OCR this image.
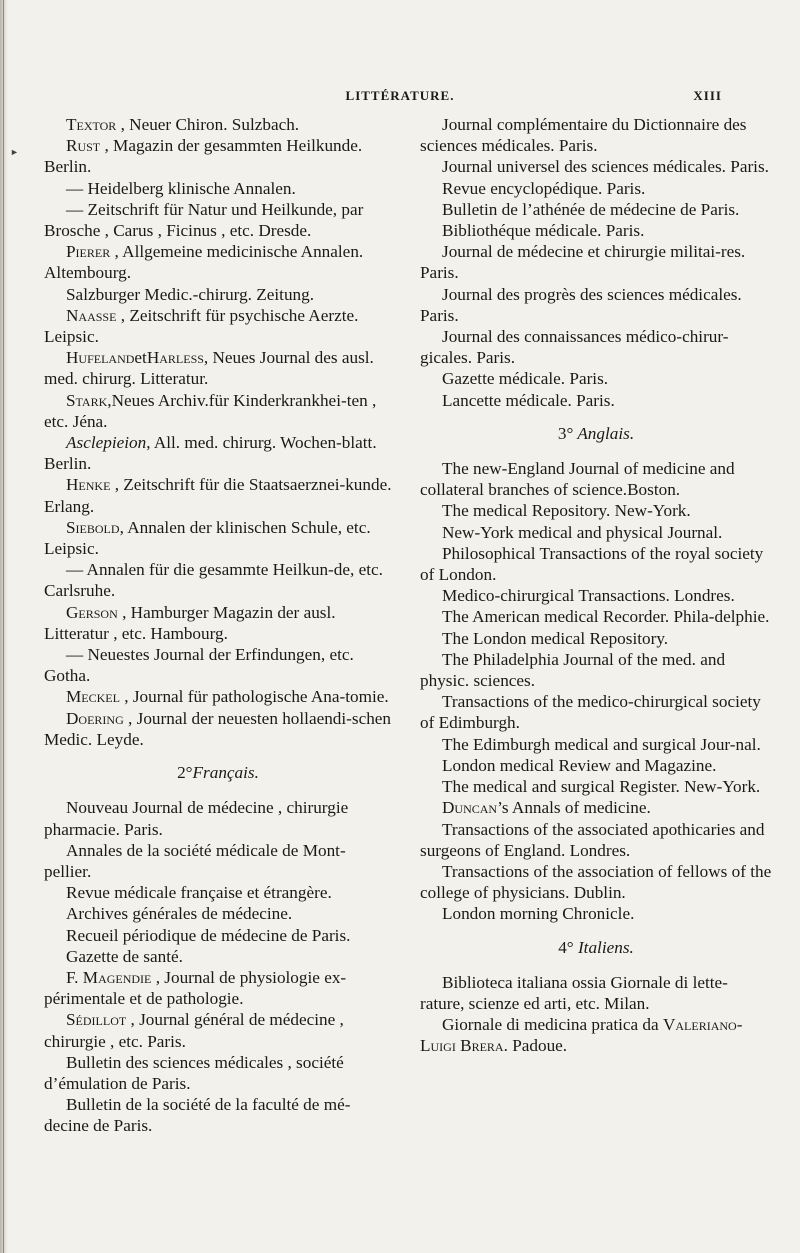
►
LITTÉRATURE.	XIII

Textor , Neuer Chiron. Sulzbach.

Rust , Magazin der gesammten Heilkunde. Berlin.

— Heidelberg klinische Annalen.

— Zeitschrift für Natur und Heilkunde, par Brosche , Carus , Ficinus , etc. Dresde.

Pierer , Allgemeine medicinische Annalen. Altembourg.

Salzburger Medic.-chirurg. Zeitung.

Naasse , Zeitschrift für psychische Aerzte. Leipsic.

HufelandetHarless, Neues Journal des ausl. med. chirurg. Litteratur.

Stark,Neues Archiv.für Kinderkrankhei-ten , etc. Jéna.

Asclepieion, All. med. chirurg. Wochen-blatt. Berlin.

Henke , Zeitschrift für die Staatsaerznei-kunde. Erlang.

Siebold, Annalen der klinischen Schule, etc. Leipsic.

— Annalen für die gesammte Heilkun-de, etc. Carlsruhe.

Gerson , Hamburger Magazin der ausl. Litteratur , etc. Hambourg.

— Neuestes Journal der Erfindungen, etc. Gotha.

Meckel , Journal für pathologische Ana-tomie.

Doering , Journal der neuesten hollaendi-schen Medic. Leyde.

2°Français.

Nouveau Journal de médecine , chirurgie pharmacie. Paris.

Annales de la société médicale de Mont-pellier.

Revue médicale française et étrangère.

Archives générales de médecine.

Recueil périodique de médecine de Paris.

Gazette de santé.

F. Magendie , Journal de physiologie ex-périmentale et de pathologie.

Sédillot , Journal général de médecine , chirurgie , etc. Paris.

Bulletin des sciences médicales , société d’émulation de Paris.

Bulletin de la société de la faculté de mé-decine de Paris.

Journal complémentaire du Dictionnaire des sciences médicales. Paris.

Journal universel des sciences médicales. Paris.

Revue encyclopédique. Paris.

Bulletin de l’athénée de médecine de Paris.

Bibliothéque médicale. Paris.

Journal de médecine et chirurgie militai-res. Paris.

Journal des progrès des sciences médicales. Paris.

Journal des connaissances médico-chirur-gicales. Paris.

Gazette médicale. Paris.

Lancette médicale. Paris.

3° Anglais.

The new-England Journal of medicine and collateral branches of science.Boston.

The medical Repository. New-York.

New-York medical and physical Journal.

Philosophical Transactions of the royal society of London.

Medico-chirurgical Transactions. Londres.

The American medical Recorder. Phila-delphie.

The London medical Repository.

The Philadelphia Journal of the med. and physic. sciences.

Transactions of the medico-chirurgical society of Edimburgh.

The Edimburgh medical and surgical Jour-nal.

London medical Review and Magazine.

The medical and surgical Register. New-York.

Duncan’s Annals of medicine.

Transactions of the associated apothicaries and surgeons of England. Londres.

Transactions of the association of fellows of the college of physicians. Dublin.

London morning Chronicle.

4° Italiens.

Biblioteca italiana ossia Giornale di lette-rature, scienze ed arti, etc. Milan.

Giornale di medicina pratica da Valeriano-Luigi Brera. Padoue.
